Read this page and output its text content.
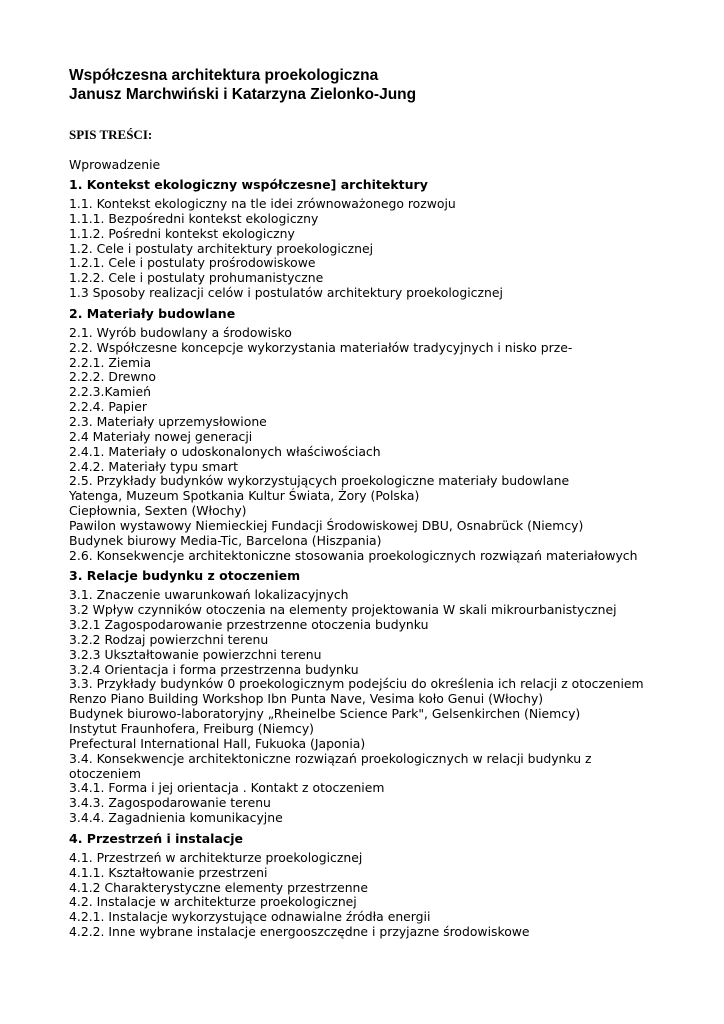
Współczesna architektura proekologiczna
Janusz Marchwiński i Katarzyna Zielonko-Jung
SPIS TREŚCI:
Wprowadzenie
1. Kontekst ekologiczny współczesne] architektury
1.1. Kontekst ekologiczny na tle idei zrównoważonego rozwoju
1.1.1. Bezpośredni kontekst ekologiczny
1.1.2. Pośredni kontekst ekologiczny
1.2. Cele i postulaty architektury proekologicznej
1.2.1. Cele i postulaty prośrodowiskowe
1.2.2. Cele i postulaty prohumanistyczne
1.3 Sposoby realizacji celów i postulatów architektury proekologicznej
2. Materiały budowlane
2.1. Wyrób budowlany a środowisko
2.2. Współczesne koncepcje wykorzystania materiałów tradycyjnych i nisko prze-
2.2.1. Ziemia
2.2.2. Drewno
2.2.3.Kamień
2.2.4. Papier
2.3. Materiały uprzemysłowione
2.4 Materiały nowej generacji
2.4.1. Materiały o udoskonalonych właściwościach
2.4.2. Materiały typu smart
2.5. Przykłady budynków wykorzystujących proekologiczne materiały budowlane
Yatenga, Muzeum Spotkania Kultur Świata, Żory (Polska)
Ciepłownia, Sexten (Włochy)
Pawilon wystawowy Niemieckiej Fundacji Środowiskowej DBU, Osnabrück (Niemcy)
Budynek biurowy Media-Tic, Barcelona (Hiszpania)
2.6. Konsekwencje architektoniczne stosowania proekologicznych rozwiązań materiałowych
3. Relacje budynku z otoczeniem
3.1. Znaczenie uwarunkowań lokalizacyjnych
3.2 Wpływ czynników otoczenia na elementy projektowania W skali mikrourbanistycznej
3.2.1 Zagospodarowanie przestrzenne otoczenia budynku
3.2.2 Rodzaj powierzchni terenu
3.2.3 Ukształtowanie powierzchni terenu
3.2.4 Orientacja i forma przestrzenna budynku
3.3. Przykłady budynków 0 proekologicznym podejściu do określenia ich relacji z otoczeniem
Renzo Piano Building Workshop Ibn Punta Nave, Vesima koło Genui (Włochy)
Budynek biurowo-laboratoryjny „Rheinelbe Science Park", Gelsenkirchen (Niemcy)
Instytut Fraunhofera, Freiburg (Niemcy)
Prefectural International Hall, Fukuoka (Japonia)
3.4. Konsekwencje architektoniczne rozwiązań proekologicznych w relacji budynku z otoczeniem
3.4.1. Forma i jej orientacja . Kontakt z otoczeniem
3.4.3. Zagospodarowanie terenu
3.4.4. Zagadnienia komunikacyjne
4. Przestrzeń i instalacje
4.1. Przestrzeń w architekturze proekologicznej
4.1.1. Kształtowanie przestrzeni
4.1.2 Charakterystyczne elementy przestrzenne
4.2. Instalacje w architekturze proekologicznej
4.2.1. Instalacje wykorzystujące odnawialne źródła energii
4.2.2. Inne wybrane instalacje energooszczędne i przyjazne środowiskowe
